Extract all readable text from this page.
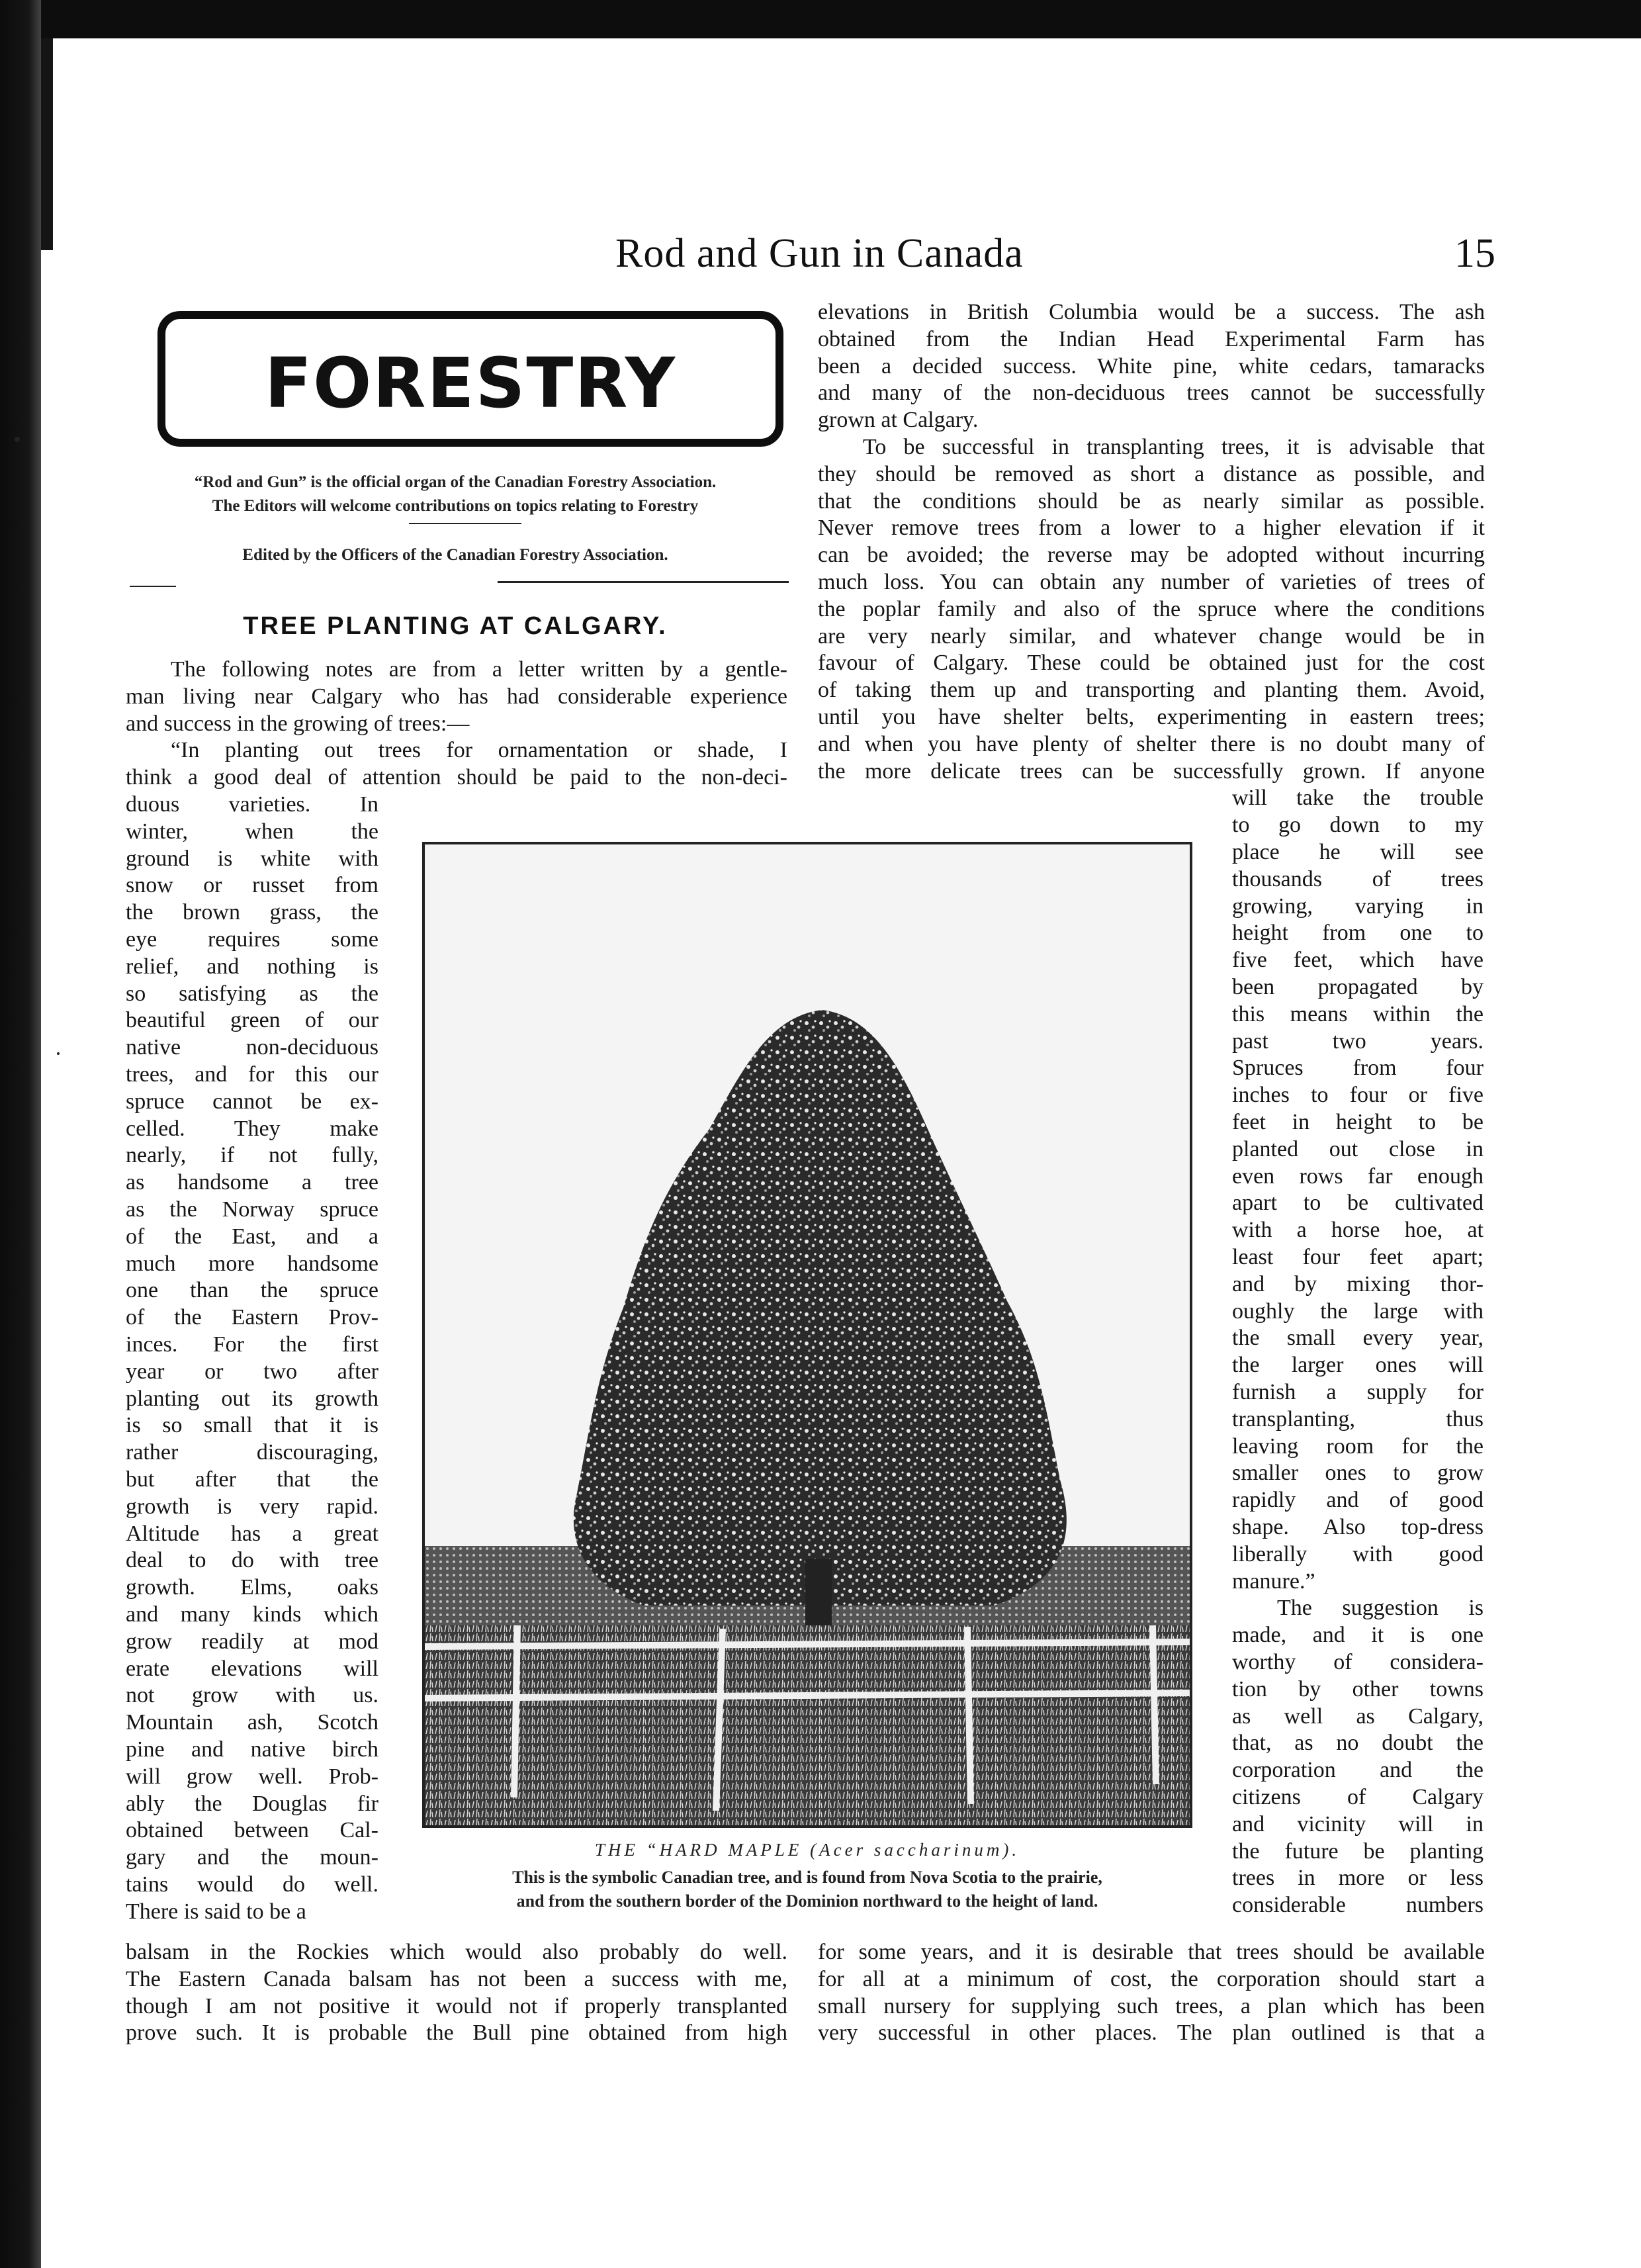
Rod and Gun in Canada	15
FORESTRY
“Rod and Gun” is the official organ of the Canadian Forestry Association.
The Editors will welcome contributions on topics relating to Forestry
Edited by the Officers of the Canadian Forestry Association.
TREE PLANTING AT CALGARY.
The following notes are from a letter written by a gentle-
man living near Calgary who has had considerable experience
and success in the growing of trees:—
“In planting out trees for ornamentation or shade, I
think a good deal of attention should be paid to the non-deci-
duous varieties. In
winter, when the
ground is white with
snow or russet from
the brown grass, the
eye requires some
relief, and nothing is
so satisfying as the
beautiful green of our
native non-deciduous
trees, and for this our
spruce cannot be ex-
celled. They make
nearly, if not fully,
as handsome a tree
as the Norway spruce
of the East, and a
much more handsome
one than the spruce
of the Eastern Prov-
inces. For the first
year or two after
planting out its growth
is so small that it is
rather discouraging,
but after that the
growth is very rapid.
Altitude has a great
deal to do with tree
growth. Elms, oaks
and many kinds which
grow readily at mod
erate elevations will
not grow with us.
Mountain ash, Scotch
pine and native birch
will grow well. Prob-
ably the Douglas fir
obtained between Cal-
gary and the moun-
tains would do well.
There is said to be a
balsam in the Rockies which would also probably do well.
The Eastern Canada balsam has not been a success with me,
though I am not positive it would not if properly transplanted
prove such. It is probable the Bull pine obtained from high
elevations in British Columbia would be a success. The ash
obtained from the Indian Head Experimental Farm has
been a decided success. White pine, white cedars, tamaracks
and many of the non-deciduous trees cannot be successfully
grown at Calgary.
To be successful in transplanting trees, it is advisable that
they should be removed as short a distance as possible, and
that the conditions should be as nearly similar as possible.
Never remove trees from a lower to a higher elevation if it
can be avoided; the reverse may be adopted without incurring
much loss. You can obtain any number of varieties of trees of
the poplar family and also of the spruce where the conditions
are very nearly similar, and whatever change would be in
favour of Calgary. These could be obtained just for the cost
of taking them up and transporting and planting them. Avoid,
until you have shelter belts, experimenting in eastern trees;
and when you have plenty of shelter there is no doubt many of
the more delicate trees can be successfully grown. If anyone
will take the trouble
to go down to my
place he will see
thousands of trees
growing, varying in
height from one to
five feet, which have
been propagated by
this means within the
past two years.
Spruces from four
inches to four or five
feet in height to be
planted out close in
even rows far enough
apart to be cultivated
with a horse hoe, at
least four feet apart;
and by mixing thor-
oughly the large with
the small every year,
the larger ones will
furnish a supply for
transplanting, thus
leaving room for the
smaller ones to grow
rapidly and of good
shape. Also top-dress
liberally with good
manure.”
The suggestion is
made, and it is one
worthy of considera-
tion by other towns
as well as Calgary,
that, as no doubt the
corporation and the
citizens of Calgary
and vicinity will in
the future be planting
trees in more or less
considerable numbers
for some years, and it is desirable that trees should be available
for all at a minimum of cost, the corporation should start a
small nursery for supplying such trees, a plan which has been
very successful in other places. The plan outlined is that a
THE “HARD MAPLE (Acer saccharinum).
This is the symbolic Canadian tree, and is found from Nova Scotia to the prairie,
and from the southern border of the Dominion northward to the height of land.
